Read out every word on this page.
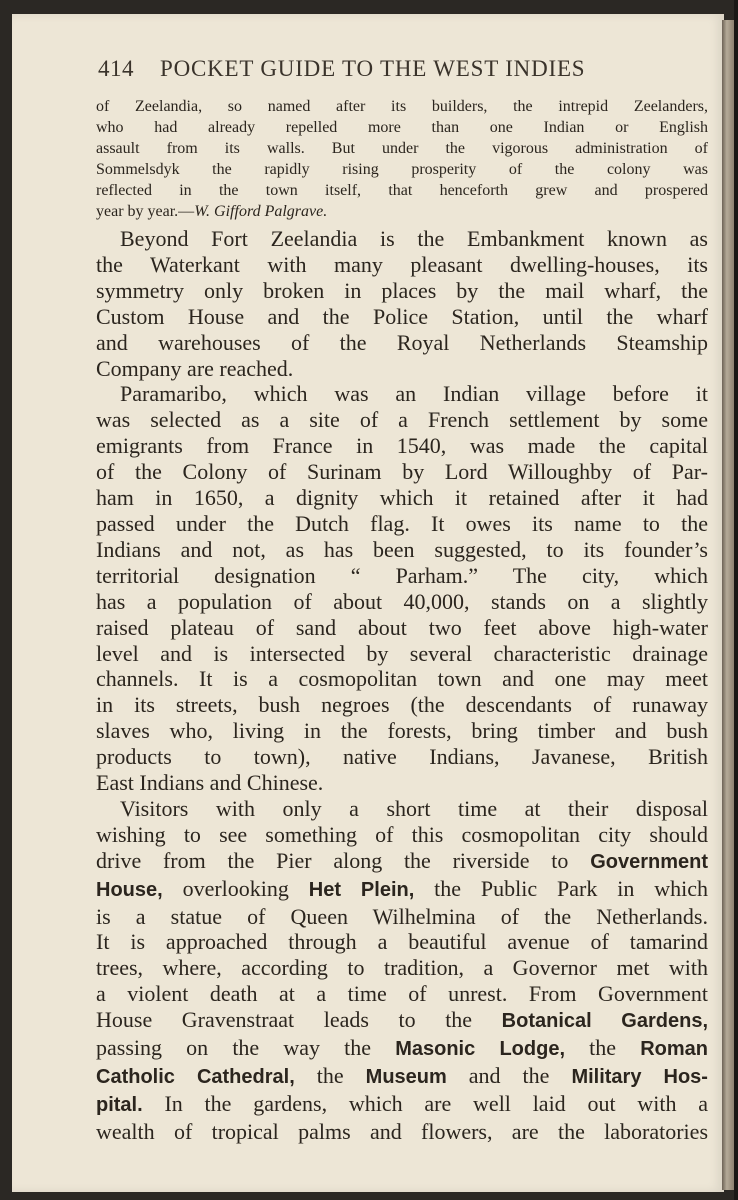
414 POCKET GUIDE TO THE WEST INDIES
of Zeelandia, so named after its builders, the intrepid Zeelanders,
who had already repelled more than one Indian or English
assault from its walls. But under the vigorous administration of
Sommelsdyk the rapidly rising prosperity of the colony was
reflected in the town itself, that henceforth grew and prospered
year by year.—W. Gifford Palgrave.
Beyond Fort Zeelandia is the Embankment known as
the Waterkant with many pleasant dwelling-houses, its
symmetry only broken in places by the mail wharf, the
Custom House and the Police Station, until the wharf
and warehouses of the Royal Netherlands Steamship
Company are reached.
Paramaribo, which was an Indian village before it
was selected as a site of a French settlement by some
emigrants from France in 1540, was made the capital
of the Colony of Surinam by Lord Willoughby of Par-
ham in 1650, a dignity which it retained after it had
passed under the Dutch flag. It owes its name to the
Indians and not, as has been suggested, to its founder’s
territorial designation “ Parham.” The city, which
has a population of about 40,000, stands on a slightly
raised plateau of sand about two feet above high-water
level and is intersected by several characteristic drainage
channels. It is a cosmopolitan town and one may meet
in its streets, bush negroes (the descendants of runaway
slaves who, living in the forests, bring timber and bush
products to town), native Indians, Javanese, British
East Indians and Chinese.
Visitors with only a short time at their disposal
wishing to see something of this cosmopolitan city should
drive from the Pier along the riverside to Government
House, overlooking Het Plein, the Public Park in which
is a statue of Queen Wilhelmina of the Netherlands.
It is approached through a beautiful avenue of tamarind
trees, where, according to tradition, a Governor met with
a violent death at a time of unrest. From Government
House Gravenstraat leads to the Botanical Gardens,
passing on the way the Masonic Lodge, the Roman
Catholic Cathedral, the Museum and the Military Hos-
pital. In the gardens, which are well laid out with a
wealth of tropical palms and flowers, are the laboratories
